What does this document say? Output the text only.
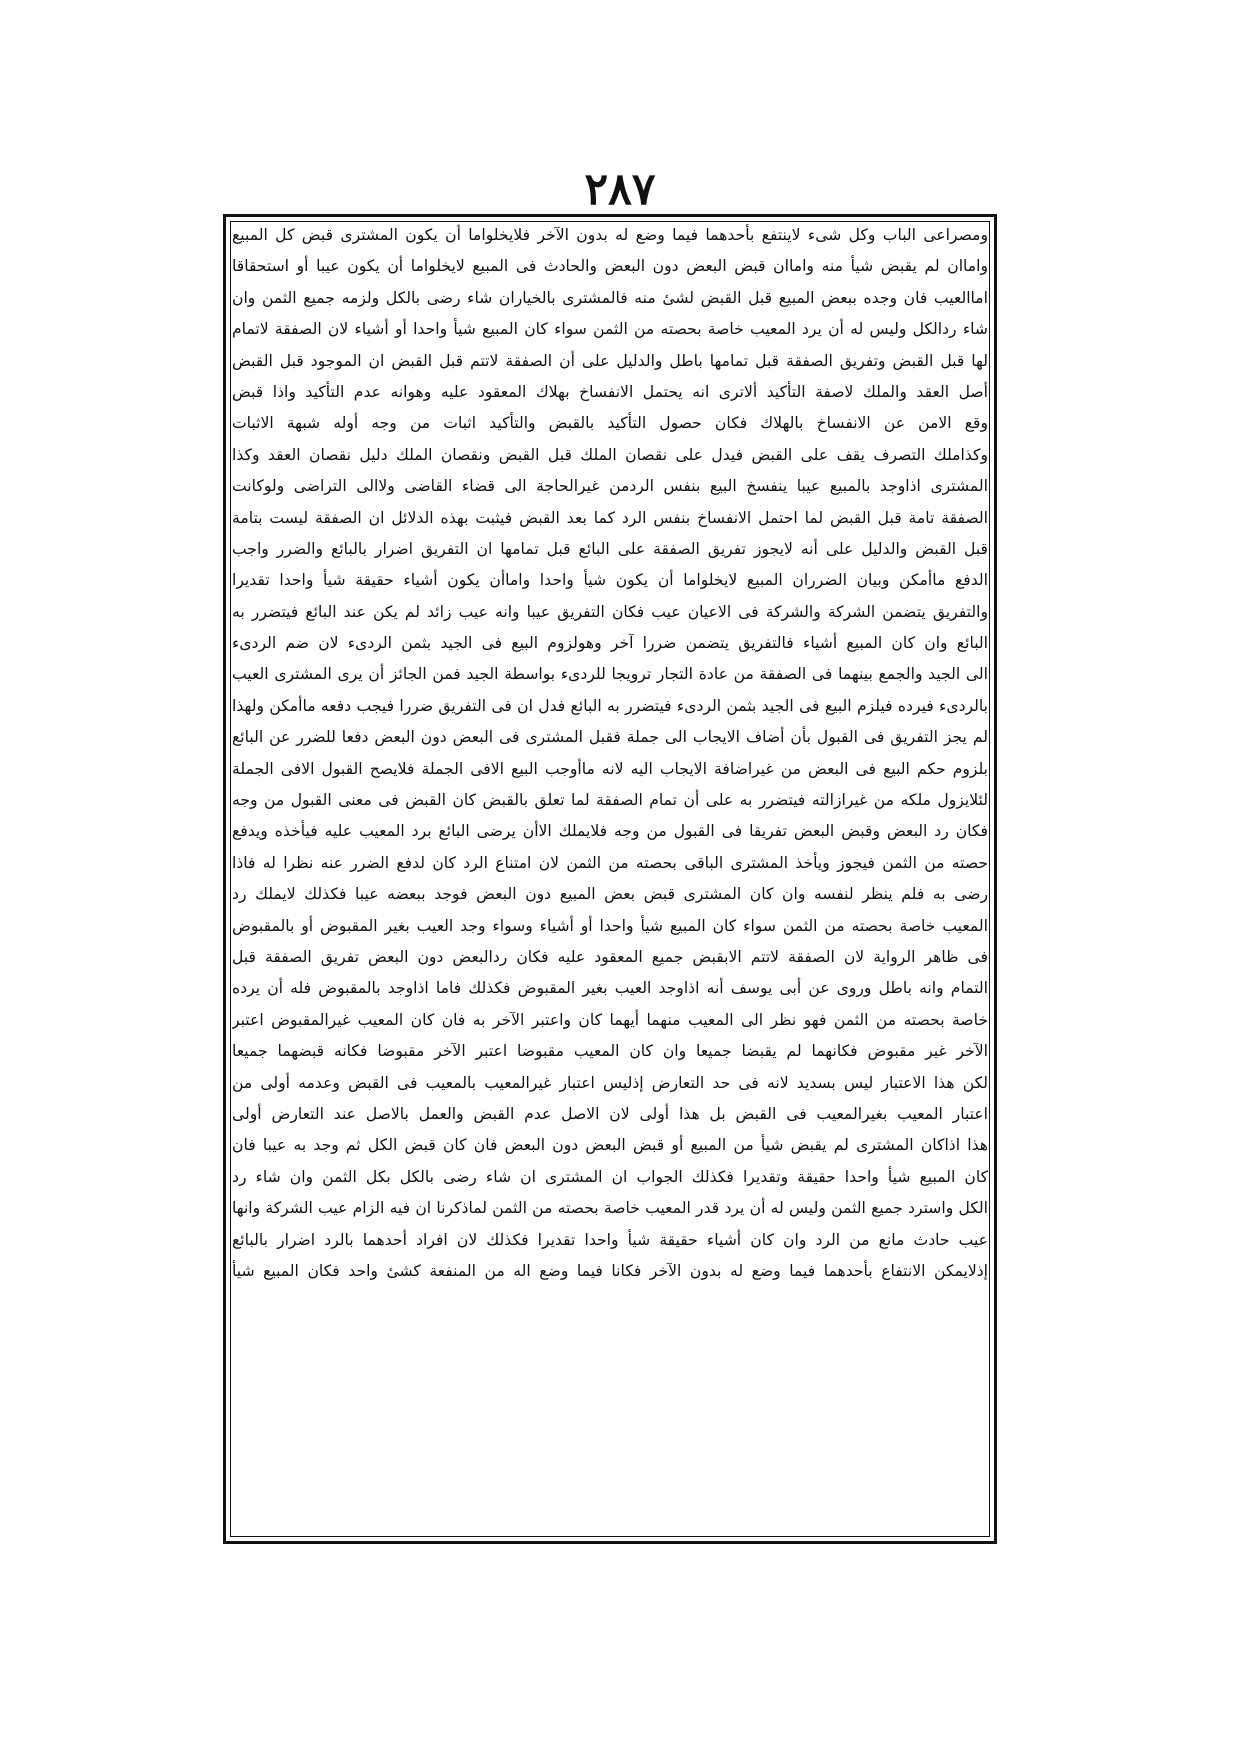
٢٨٧
ومصراعی الباب وکل شیء لاینتفع بأحدهما فیما وضع له بدون الآخر فلایخلواما أن یکون المشتری قبض کل المبیع
واماان لم یقبض شیأ منه واماان قبض البعض دون البعض والحادث فی المبیع لایخلواما أن یکون عیبا أو استحقاقا
اماالعیب فان وجده ببعض المبیع قبل القبض لشیٔ منه فالمشتری بالخیاران شاء رضی بالکل ولزمه جمیع الثمن وان
شاء ردالکل ولیس له أن یرد المعیب خاصة بحصته من الثمن سواء کان المبیع شیأ واحدا أو أشیاء لان الصفقة لاتمام
لها قبل القبض وتفریق الصفقة قبل تمامها باطل والدلیل علی أن الصفقة لاتتم قبل القبض ان الموجود قبل القبض
أصل العقد والملك لاصفة التأکید ألاتری انه یحتمل الانفساخ بهلاك المعقود علیه وهوانه عدم التأکید واذا قبض
وقع الامن عن الانفساخ بالهلاك فکان حصول التأکید بالقبض والتأکید اثبات من وجه أوله شبهة الاثبات
وکذاملك التصرف یقف علی القبض فیدل علی نقصان الملك قبل القبض ونقصان الملك دلیل نقصان العقد وکذا
المشتری اذاوجد بالمبیع عیبا ینفسخ البیع بنفس الردمن غیرالحاجة الی قضاء القاضی ولاالی التراضی ولوکانت
الصفقة تامة قبل القبض لما احتمل الانفساخ بنفس الرد کما بعد القبض فیثبت بهذه الدلائل ان الصفقة لیست بتامة
قبل القبض والدلیل علی أنه لایجوز تفریق الصفقة علی البائع قبل تمامها ان التفریق اضرار بالبائع والضرر واجب
الدفع ماأمکن وبیان الضرران المبیع لایخلواما أن یکون شیأ واحدا واماأن یکون أشیاء حقیقة شیأ واحدا تقدیرا
والتفریق یتضمن الشرکة والشرکة فی الاعیان عیب فکان التفریق عیبا وانه عیب زائد لم یکن عند البائع فیتضرر به
البائع وان کان المبیع أشیاء فالتفریق یتضمن ضررا آخر وهولزوم البیع فی الجید بثمن الردیء لان ضم الردیء
الی الجید والجمع بینهما فی الصفقة من عادة التجار ترویجا للردیء بواسطة الجید فمن الجائز أن یری المشتری العیب
بالردیء فیرده فیلزم البیع فی الجید بثمن الردیء فیتضرر به البائع فدل ان فی التفریق ضررا فیجب دفعه ماأمکن ولهذا
لم یجز التفریق فی القبول بأن أضاف الایجاب الی جملة فقبل المشتری فی البعض دون البعض دفعا للضرر عن البائع
بلزوم حکم البیع فی البعض من غیراضافة الایجاب الیه لانه ماأوجب البیع الافی الجملة فلایصح القبول الافی الجملة
لئلایزول ملکه من غیرازالته فیتضرر به علی أن تمام الصفقة لما تعلق بالقبض کان القبض فی معنی القبول من وجه
فکان رد البعض وقبض البعض تفریقا فی القبول من وجه فلایملك الاأن یرضی البائع برد المعیب علیه فیأخذه ویدفع
حصته من الثمن فیجوز ویأخذ المشتری الباقی بحصته من الثمن لان امتناع الرد کان لدفع الضرر عنه نظرا له فاذا
رضی به فلم ینظر لنفسه وان کان المشتری قبض بعض المبیع دون البعض فوجد ببعضه عیبا فکذلك لایملك رد
المعیب خاصة بحصته من الثمن سواء کان المبیع شیأ واحدا أو أشیاء وسواء وجد العیب بغیر المقبوض أو بالمقبوض
فی ظاهر الروایة لان الصفقة لاتتم الابقبض جمیع المعقود علیه فکان ردالبعض دون البعض تفریق الصفقة قبل
التمام وانه باطل وروی عن أبی یوسف أنه اذاوجد العیب بغیر المقبوض فکذلك فاما اذاوجد بالمقبوض فله أن یرده
خاصة بحصته من الثمن فهو نظر الی المعیب منهما أیهما کان واعتبر الآخر به فان کان المعیب غیرالمقبوض اعتبر
الآخر غیر مقبوض فکانهما لم یقبضا جمیعا وان کان المعیب مقبوضا اعتبر الآخر مقبوضا فکانه قبضهما جمیعا
لکن هذا الاعتبار لیس بسدید لانه فی حد التعارض إذلیس اعتبار غیرالمعیب بالمعیب فی القبض وعدمه أولی من
اعتبار المعیب بغیرالمعیب فی القبض بل هذا أولی لان الاصل عدم القبض والعمل بالاصل عند التعارض أولی
هذا اذاکان المشتری لم یقبض شیأ من المبیع أو قبض البعض دون البعض فان کان قبض الکل ثم وجد به عیبا فان
کان المبیع شیأ واحدا حقیقة وتقدیرا فکذلك الجواب ان المشتری ان شاء رضی بالکل بکل الثمن وان شاء رد
الکل واسترد جمیع الثمن ولیس له أن یرد قدر المعیب خاصة بحصته من الثمن لماذکرنا ان فیه الزام عیب الشرکة وانها
عیب حادث مانع من الرد وان کان أشیاء حقیقة شیأ واحدا تقدیرا فکذلك لان افراد أحدهما بالرد اضرار بالبائع
إذلایمکن الانتفاع بأحدهما فیما وضع له بدون الآخر فکانا فیما وضع اله من المنفعة کشیٔ واحد فکان المبیع شیأ
